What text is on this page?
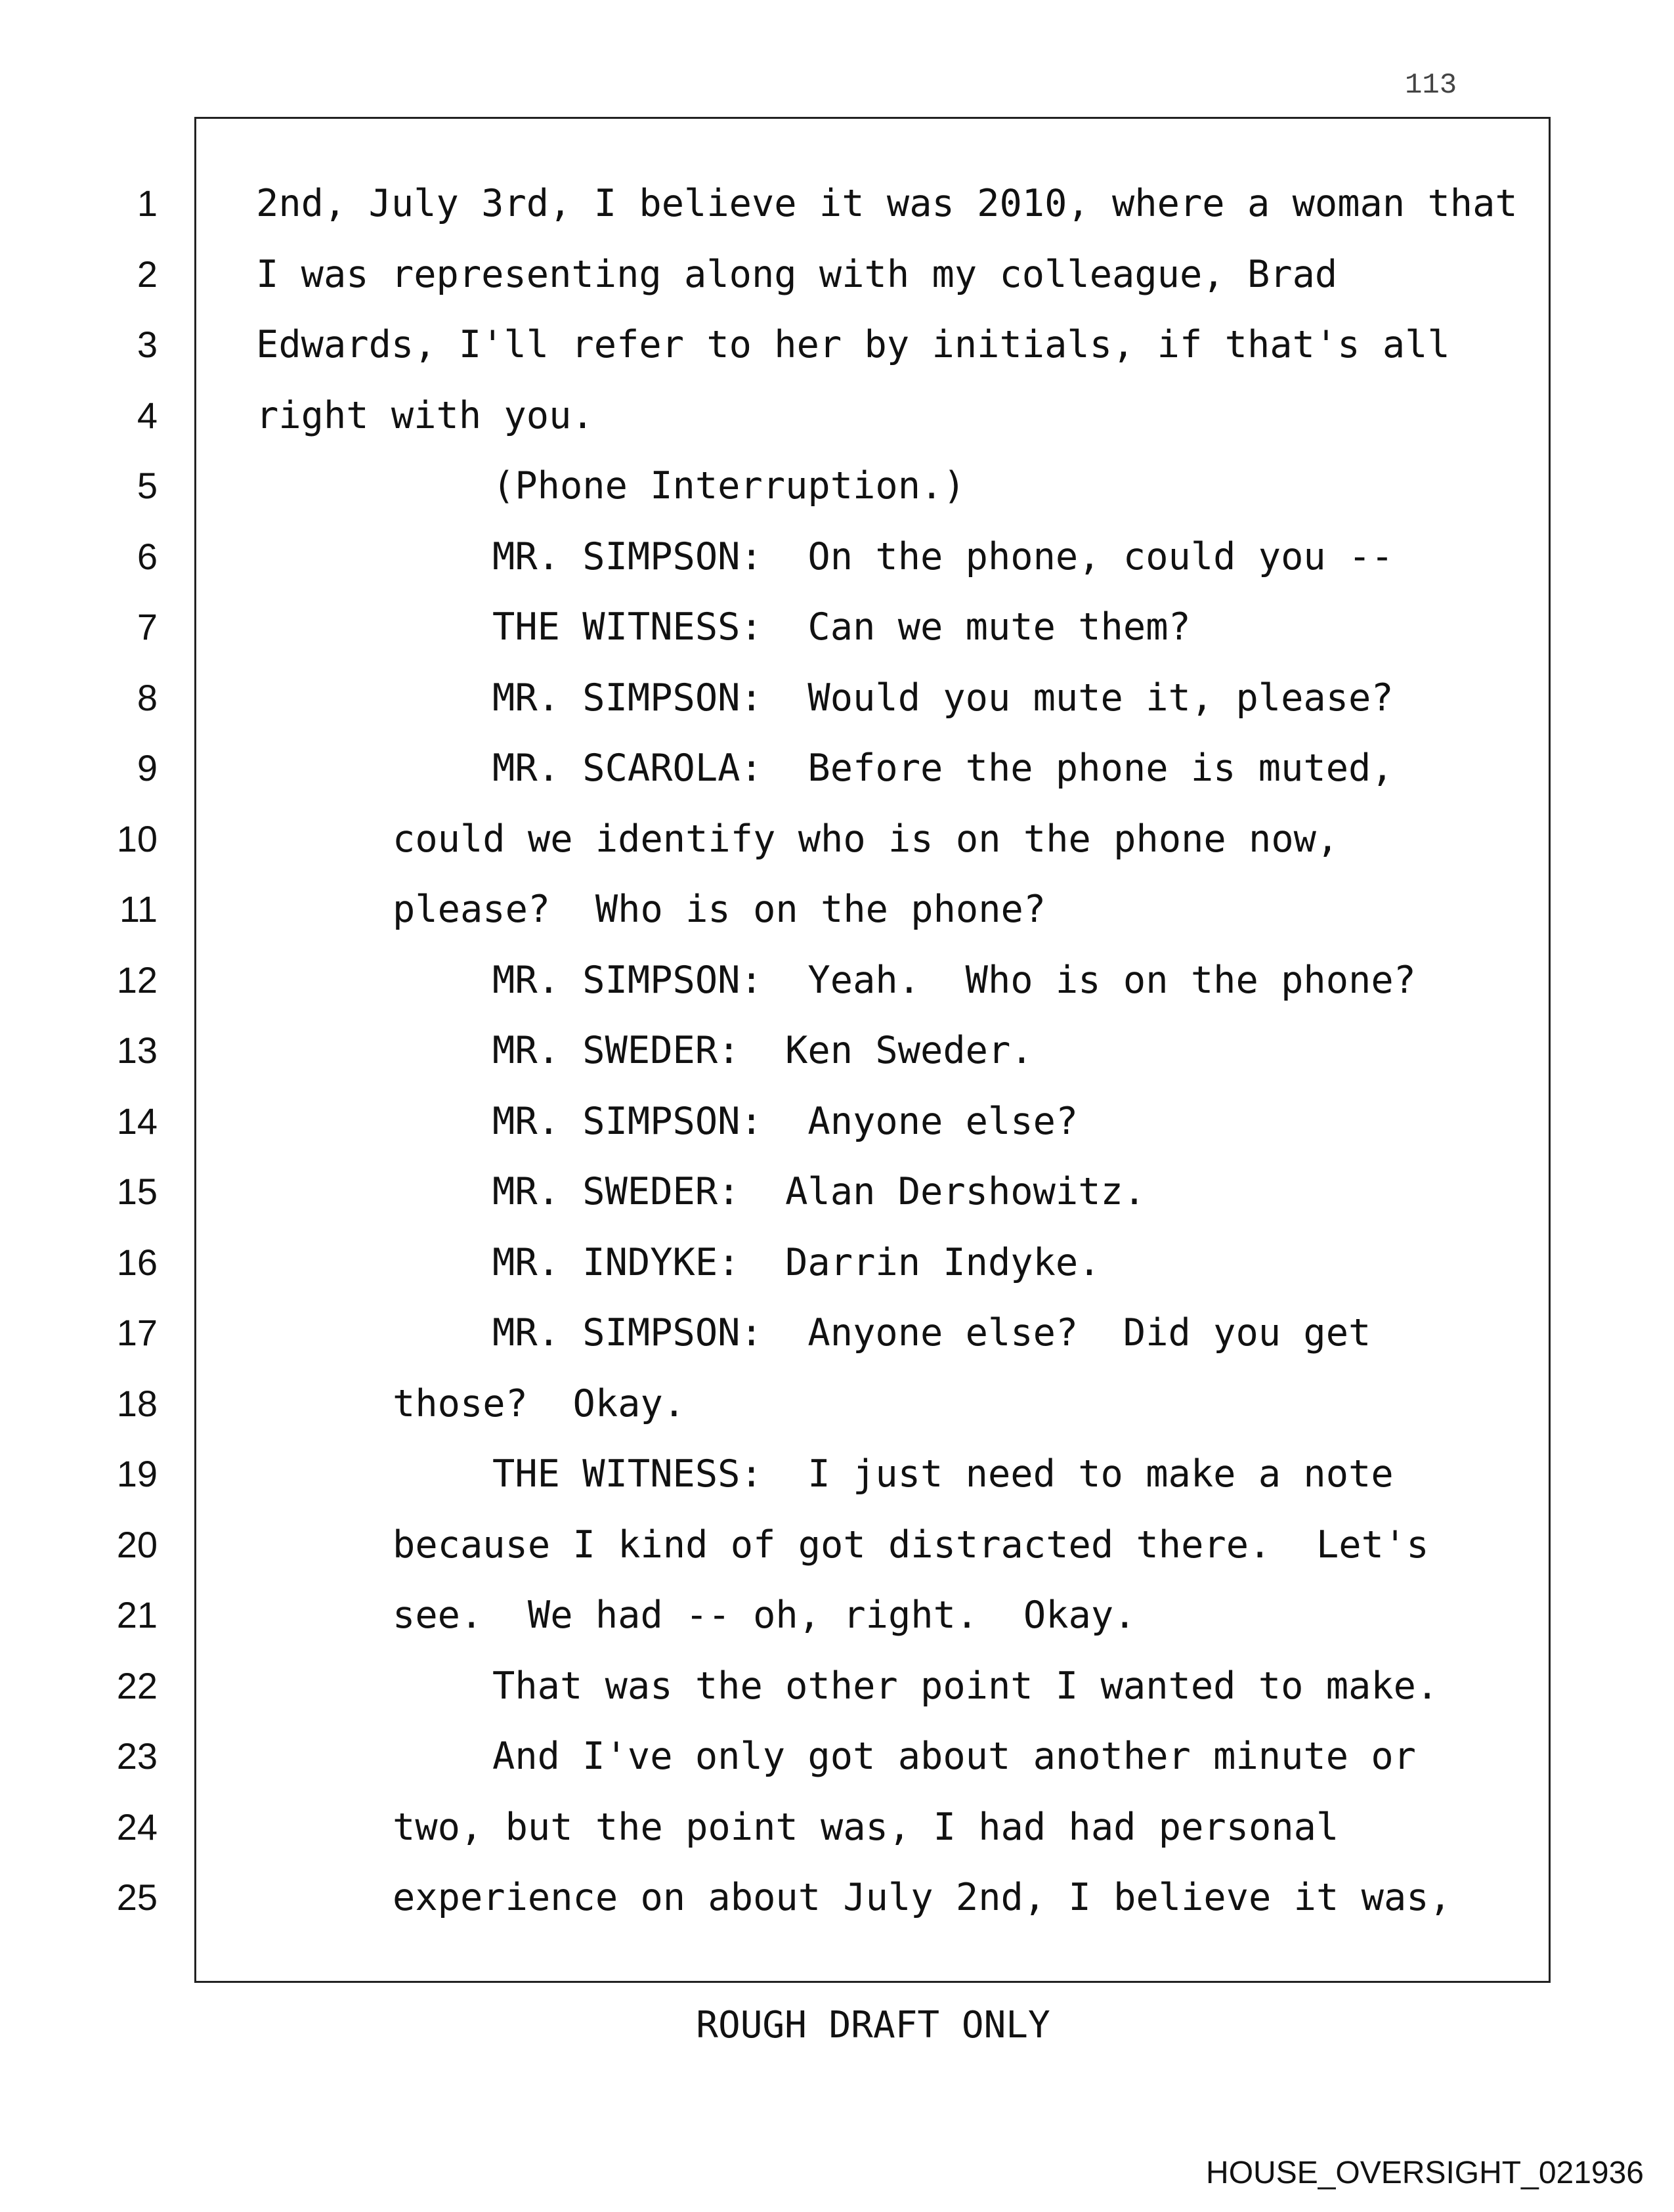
113
1
2
3
4
5
6
7
8
9
10
11
12
13
14
15
16
17
18
19
20
21
22
23
24
25
2nd, July 3rd, I believe it was 2010, where a woman that
I was representing along with my colleague, Brad
Edwards, I'll refer to her by initials, if that's all
right with you.
(Phone Interruption.)
MR. SIMPSON:  On the phone, could you --
THE WITNESS:  Can we mute them?
MR. SIMPSON:  Would you mute it, please?
MR. SCAROLA:  Before the phone is muted,
could we identify who is on the phone now,
please?  Who is on the phone?
MR. SIMPSON:  Yeah.  Who is on the phone?
MR. SWEDER:  Ken Sweder.
MR. SIMPSON:  Anyone else?
MR. SWEDER:  Alan Dershowitz.
MR. INDYKE:  Darrin Indyke.
MR. SIMPSON:  Anyone else?  Did you get
those?  Okay.
THE WITNESS:  I just need to make a note
because I kind of got distracted there.  Let's
see.  We had -- oh, right.  Okay.
That was the other point I wanted to make.
And I've only got about another minute or
two, but the point was, I had had personal
experience on about July 2nd, I believe it was,
ROUGH DRAFT ONLY
HOUSE_OVERSIGHT_021936
